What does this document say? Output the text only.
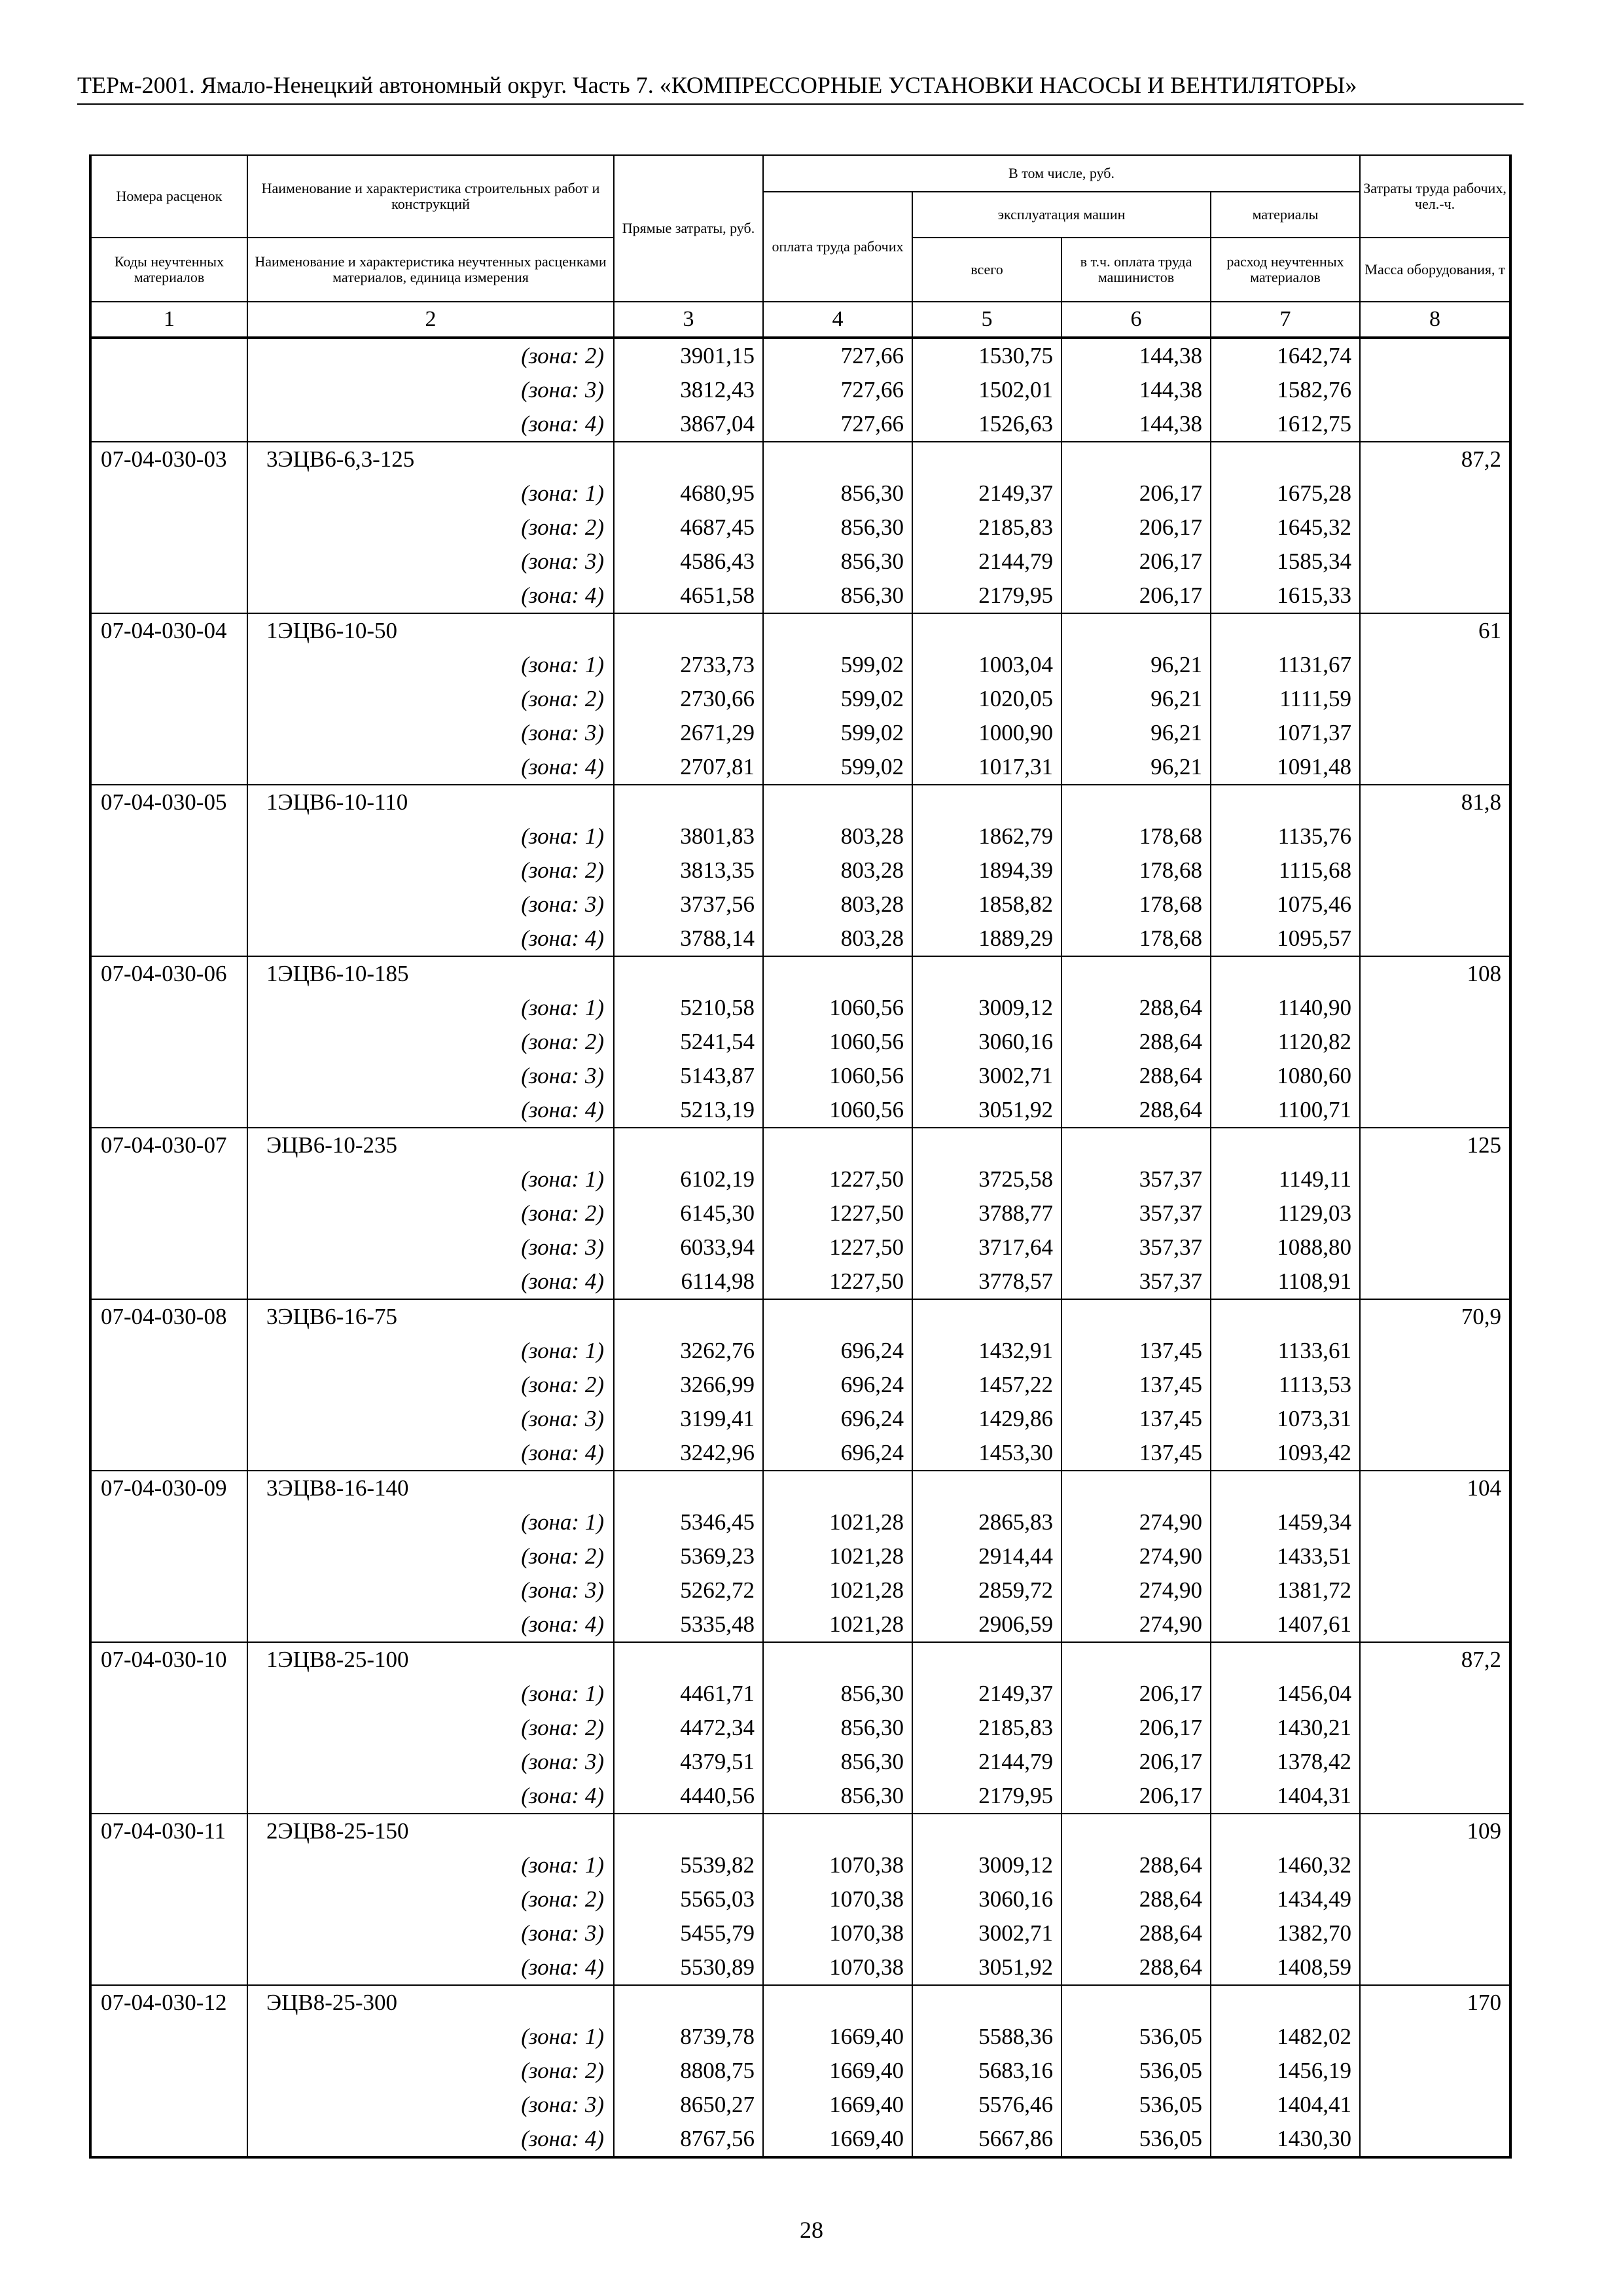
ТЕРм-2001. Ямало-Ненецкий автономный округ. Часть 7. «КОМПРЕССОРНЫЕ УСТАНОВКИ НАСОСЫ И ВЕНТИЛЯТОРЫ»
Номера расценок	Наименование и характеристика строительных работ и конструкций	Прямые затраты, руб.	В том числе, руб.				Затраты труда рабочих, чел.-ч.
			оплата труда рабочих	эксплуатация машин		материалы	
Коды неучтенных материалов	Наименование и характеристика неучтенных расценками материалов, единица измерения			всего	в т.ч. оплата труда машинистов	расход неучтенных материалов	Масса оборудования, т
1	2	3	4	5	6	7	8
	(зона: 2)	3901,15	727,66	1530,75	144,38	1642,74	
	(зона: 3)	3812,43	727,66	1502,01	144,38	1582,76	
	(зона: 4)	3867,04	727,66	1526,63	144,38	1612,75	
07-04-030-03	3ЭЦВ6-6,3-125						87,2
	(зона: 1)	4680,95	856,30	2149,37	206,17	1675,28	
	(зона: 2)	4687,45	856,30	2185,83	206,17	1645,32	
	(зона: 3)	4586,43	856,30	2144,79	206,17	1585,34	
	(зона: 4)	4651,58	856,30	2179,95	206,17	1615,33	
07-04-030-04	1ЭЦВ6-10-50						61
	(зона: 1)	2733,73	599,02	1003,04	96,21	1131,67	
	(зона: 2)	2730,66	599,02	1020,05	96,21	1111,59	
	(зона: 3)	2671,29	599,02	1000,90	96,21	1071,37	
	(зона: 4)	2707,81	599,02	1017,31	96,21	1091,48	
07-04-030-05	1ЭЦВ6-10-110						81,8
	(зона: 1)	3801,83	803,28	1862,79	178,68	1135,76	
	(зона: 2)	3813,35	803,28	1894,39	178,68	1115,68	
	(зона: 3)	3737,56	803,28	1858,82	178,68	1075,46	
	(зона: 4)	3788,14	803,28	1889,29	178,68	1095,57	
07-04-030-06	1ЭЦВ6-10-185						108
	(зона: 1)	5210,58	1060,56	3009,12	288,64	1140,90	
	(зона: 2)	5241,54	1060,56	3060,16	288,64	1120,82	
	(зона: 3)	5143,87	1060,56	3002,71	288,64	1080,60	
	(зона: 4)	5213,19	1060,56	3051,92	288,64	1100,71	
07-04-030-07	ЭЦВ6-10-235						125
	(зона: 1)	6102,19	1227,50	3725,58	357,37	1149,11	
	(зона: 2)	6145,30	1227,50	3788,77	357,37	1129,03	
	(зона: 3)	6033,94	1227,50	3717,64	357,37	1088,80	
	(зона: 4)	6114,98	1227,50	3778,57	357,37	1108,91	
07-04-030-08	3ЭЦВ6-16-75						70,9
	(зона: 1)	3262,76	696,24	1432,91	137,45	1133,61	
	(зона: 2)	3266,99	696,24	1457,22	137,45	1113,53	
	(зона: 3)	3199,41	696,24	1429,86	137,45	1073,31	
	(зона: 4)	3242,96	696,24	1453,30	137,45	1093,42	
07-04-030-09	3ЭЦВ8-16-140						104
	(зона: 1)	5346,45	1021,28	2865,83	274,90	1459,34	
	(зона: 2)	5369,23	1021,28	2914,44	274,90	1433,51	
	(зона: 3)	5262,72	1021,28	2859,72	274,90	1381,72	
	(зона: 4)	5335,48	1021,28	2906,59	274,90	1407,61	
07-04-030-10	1ЭЦВ8-25-100						87,2
	(зона: 1)	4461,71	856,30	2149,37	206,17	1456,04	
	(зона: 2)	4472,34	856,30	2185,83	206,17	1430,21	
	(зона: 3)	4379,51	856,30	2144,79	206,17	1378,42	
	(зона: 4)	4440,56	856,30	2179,95	206,17	1404,31	
07-04-030-11	2ЭЦВ8-25-150						109
	(зона: 1)	5539,82	1070,38	3009,12	288,64	1460,32	
	(зона: 2)	5565,03	1070,38	3060,16	288,64	1434,49	
	(зона: 3)	5455,79	1070,38	3002,71	288,64	1382,70	
	(зона: 4)	5530,89	1070,38	3051,92	288,64	1408,59	
07-04-030-12	ЭЦВ8-25-300						170
	(зона: 1)	8739,78	1669,40	5588,36	536,05	1482,02	
	(зона: 2)	8808,75	1669,40	5683,16	536,05	1456,19	
	(зона: 3)	8650,27	1669,40	5576,46	536,05	1404,41	
	(зона: 4)	8767,56	1669,40	5667,86	536,05	1430,30	
28
